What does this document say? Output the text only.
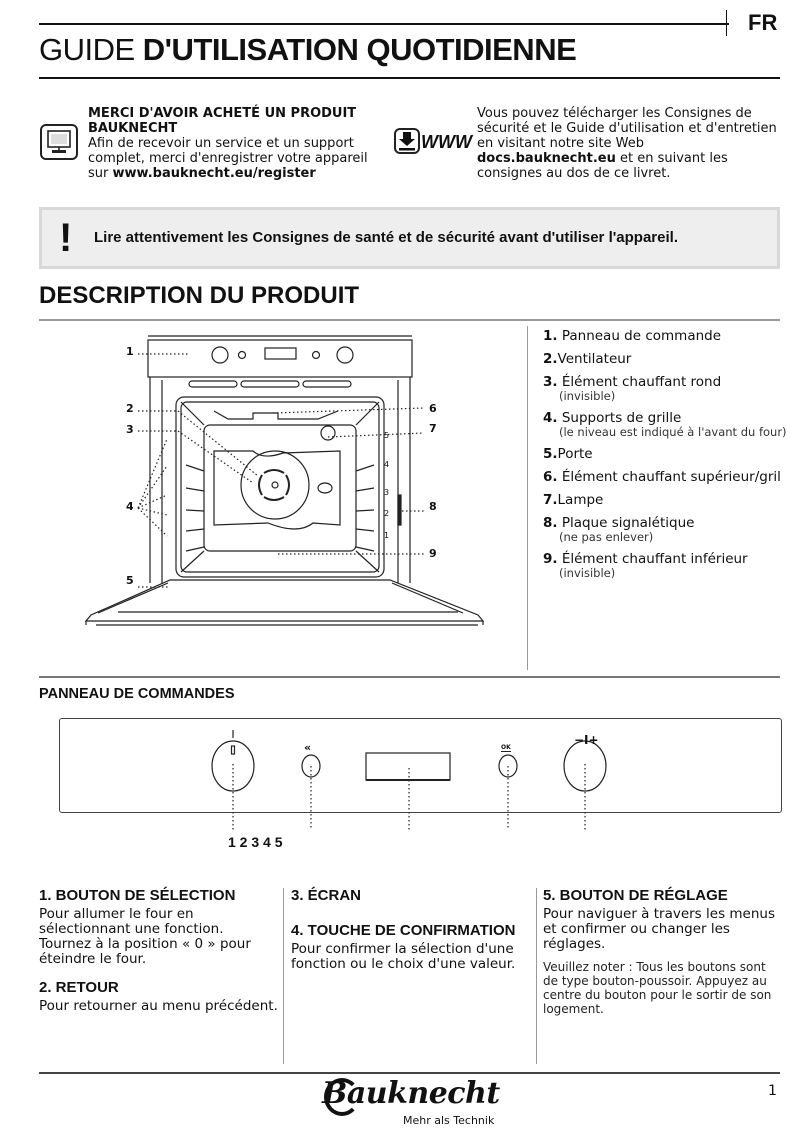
FR
GUIDE D'UTILISATION QUOTIDIENNE
MERCI D'AVOIR ACHETÉ UN PRODUIT BAUKNECHT
Afin de recevoir un service et un support complet, merci d'enregistrer votre appareil sur www.bauknecht.eu/register
WWW
Vous pouvez télécharger les Consignes de sécurité et le Guide d'utilisation et d'entretien en visitant notre site Web docs.bauknecht.eu et en suivant les consignes au dos de ce livret.
! Lire attentivement les Consignes de santé et de sécurité avant d'utiliser l'appareil.
DESCRIPTION DU PRODUIT
1
2
3
4
5
6
7
8
9
5
4
3
2
1
1. Panneau de commande
2.Ventilateur
3. Élément chauffant rond
(invisible)
4. Supports de grille
(le niveau est indiqué à l'avant du four)
5.Porte
6. Élément chauffant supérieur/gril
7.Lampe
8. Plaque signalétique
(ne pas enlever)
9. Élément chauffant inférieur
(invisible)
PANNEAU DE COMMANDES
«	OK
−I+
1 2 3 4 5
1. BOUTON DE SÉLECTION
Pour allumer le four en sélectionnant une fonction. Tournez à la position « 0 » pour éteindre le four.
2. RETOUR
Pour retourner au menu précédent.
3. ÉCRAN
4. TOUCHE DE CONFIRMATION
Pour confirmer la sélection d'une fonction ou le choix d'une valeur.
5. BOUTON DE RÉGLAGE
Pour naviguer à travers les menus et confirmer ou changer les réglages.
Veuillez noter : Tous les boutons sont de type bouton-poussoir. Appuyez au centre du bouton pour le sortir de son logement.
Bauknecht
Mehr als Technik
1
